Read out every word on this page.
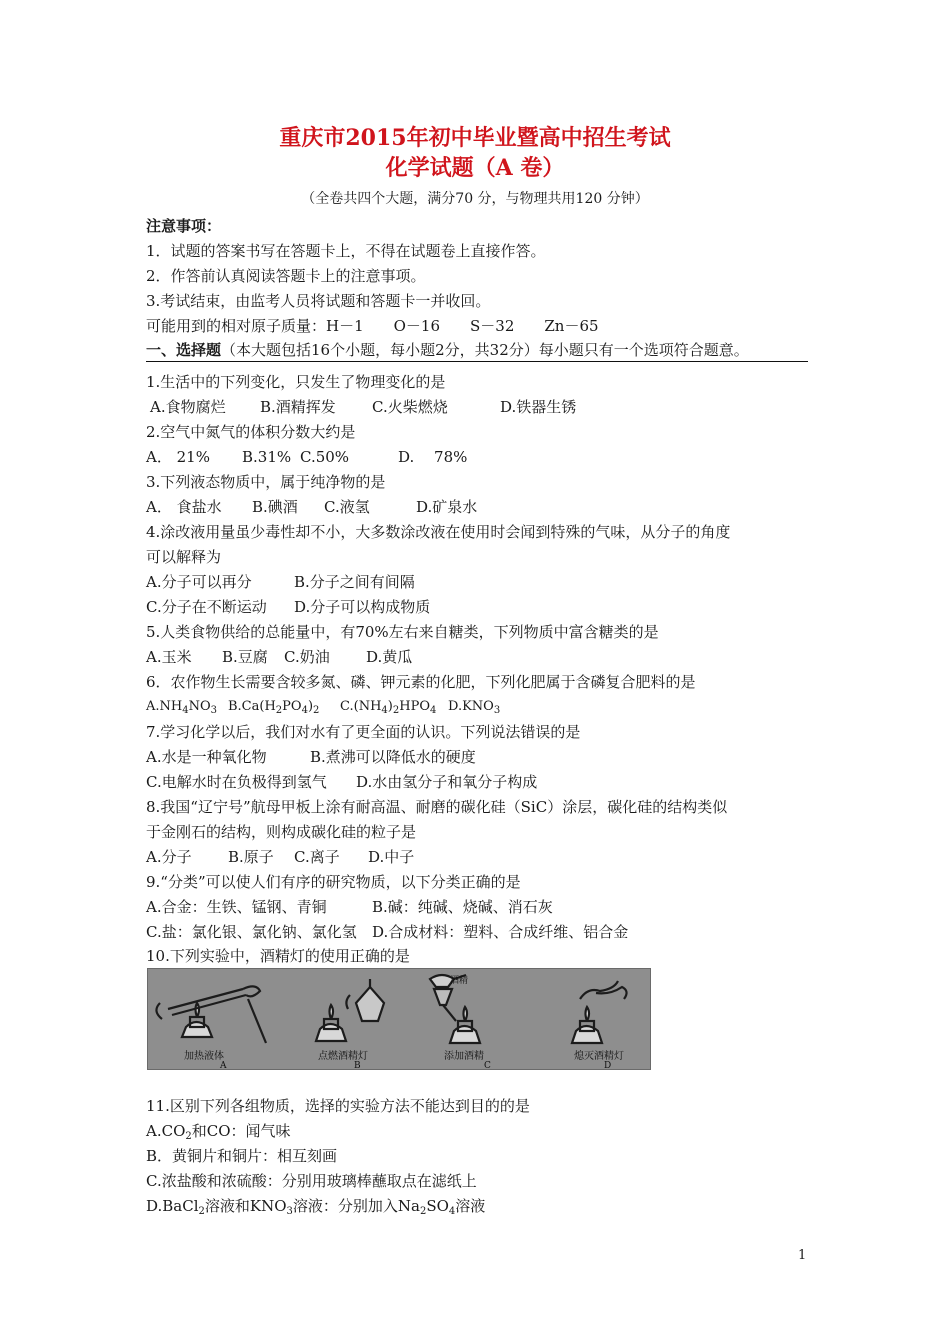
重庆市2015年初中毕业暨高中招生考试
化学试题（A 卷）
（全卷共四个大题，满分70 分，与物理共用120 分钟）
注意事项：
1．试题的答案书写在答题卡上，不得在试题卷上直接作答。
2．作答前认真阅读答题卡上的注意事项。
3.考试结束，由监考人员将试题和答题卡一并收回。
可能用到的相对原子质量：H－1　　O－16　　S－32　　Zn－65
一、选择题（本大题包括16个小题，每小题2分，共32分）每小题只有一个选项符合题意。
1.生活中的下列变化，只发生了物理变化的是
A.食物腐烂 B.酒精挥发 C.火柴燃烧	D.铁器生锈
2.空气中氮气的体积分数大约是
A． 21% B.31% C.50%	D.　 78%
3.下列液态物质中，属于纯净物的是
A． 食盐水 B.碘酒 C.液氢	D.矿泉水
4.涂改液用量虽少毒性却不小，大多数涂改液在使用时会闻到特殊的气味，从分子的角度
可以解释为
A.分子可以再分	B.分子之间有间隔
C.分子在不断运动 D.分子可以构成物质
5.人类食物供给的总能量中，有70%左右来自糖类，下列物质中富含糖类的是
A.玉米 B.豆腐 C.奶油 D.黄瓜
6．农作物生长需要含较多氮、磷、钾元素的化肥，下列化肥属于含磷复合肥料的是
$A.NH_4NO_3$ $B.Ca(H_2PO_4)_2$ $C.(NH_4)_2HPO_4$ $D.KNO_3$
7.学习化学以后，我们对水有了更全面的认识。下列说法错误的是
A.水是一种氧化物	B.煮沸可以降低水的硬度
C.电解水时在负极得到氢气 D.水由氢分子和氧分子构成
8.我国“辽宁号”航母甲板上涂有耐高温、耐磨的碳化硅（SiC）涂层，碳化硅的结构类似
于金刚石的结构，则构成碳化硅的粒子是
A.分子 B.原子 C.离子 D.中子
9.“分类”可以使人们有序的研究物质，以下分类正确的是
A.合金：生铁、锰钢、青铜	B.碱：纯碱、烧碱、消石灰
C.盐：氯化银、氯化钠、氯化氢 D.合成材料：塑料、合成纤维、铝合金
10.下列实验中，酒精灯的使用正确的是
加热液体
A
点燃酒精灯
B
酒精
添加酒精
C
熄灭酒精灯
D
11.区别下列各组物质，选择的实验方法不能达到目的的是
$A.CO_2$和CO：闻气味
B．黄铜片和铜片：相互刻画
C.浓盐酸和浓硫酸：分别用玻璃棒蘸取点在滤纸上
D.BaCl$_2$溶液和$KNO_3$溶液：分别加入$Na_2SO_4$溶液
1
